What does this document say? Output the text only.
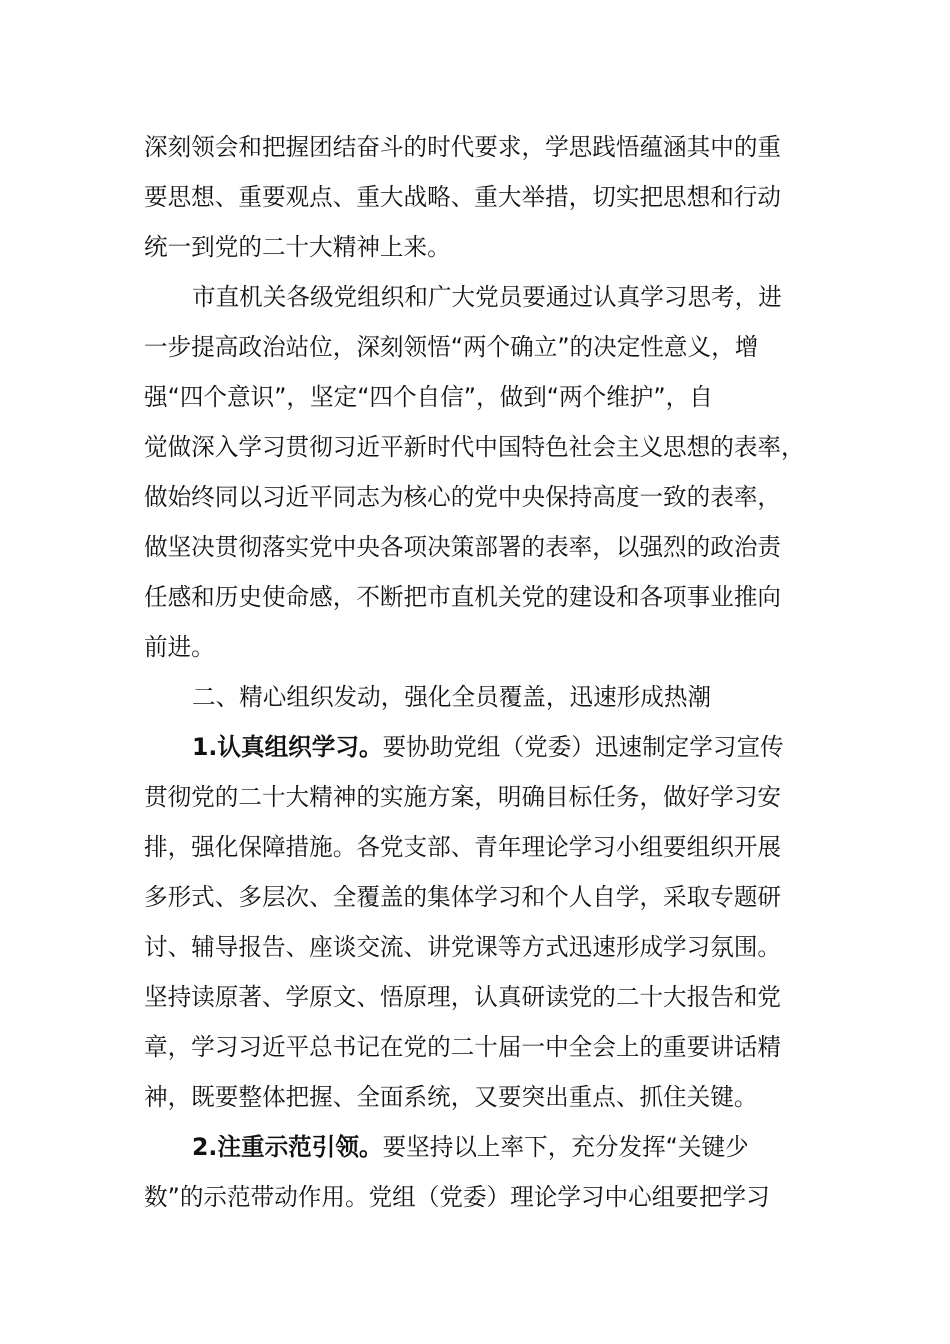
深刻领会和把握团结奋斗的时代要求，学思践悟蕴涵其中的重
要思想、重要观点、重大战略、重大举措，切实把思想和行动
统一到党的二十大精神上来。
市直机关各级党组织和广大党员要通过认真学习思考，进
一步提高政治站位，深刻领悟“两个确立”的决定性意义，增
强“四个意识”，坚定“四个自信”，做到“两个维护”，自
觉做深入学习贯彻习近平新时代中国特色社会主义思想的表率，
做始终同以习近平同志为核心的党中央保持高度一致的表率，
做坚决贯彻落实党中央各项决策部署的表率，以强烈的政治责
任感和历史使命感，不断把市直机关党的建设和各项事业推向
前进。
二、精心组织发动，强化全员覆盖，迅速形成热潮
1.认真组织学习。要协助党组（党委）迅速制定学习宣传
贯彻党的二十大精神的实施方案，明确目标任务，做好学习安
排，强化保障措施。各党支部、青年理论学习小组要组织开展
多形式、多层次、全覆盖的集体学习和个人自学，采取专题研
讨、辅导报告、座谈交流、讲党课等方式迅速形成学习氛围。
坚持读原著、学原文、悟原理，认真研读党的二十大报告和党
章，学习习近平总书记在党的二十届一中全会上的重要讲话精
神，既要整体把握、全面系统，又要突出重点、抓住关键。
2.注重示范引领。要坚持以上率下，充分发挥“关键少
数”的示范带动作用。党组（党委）理论学习中心组要把学习
